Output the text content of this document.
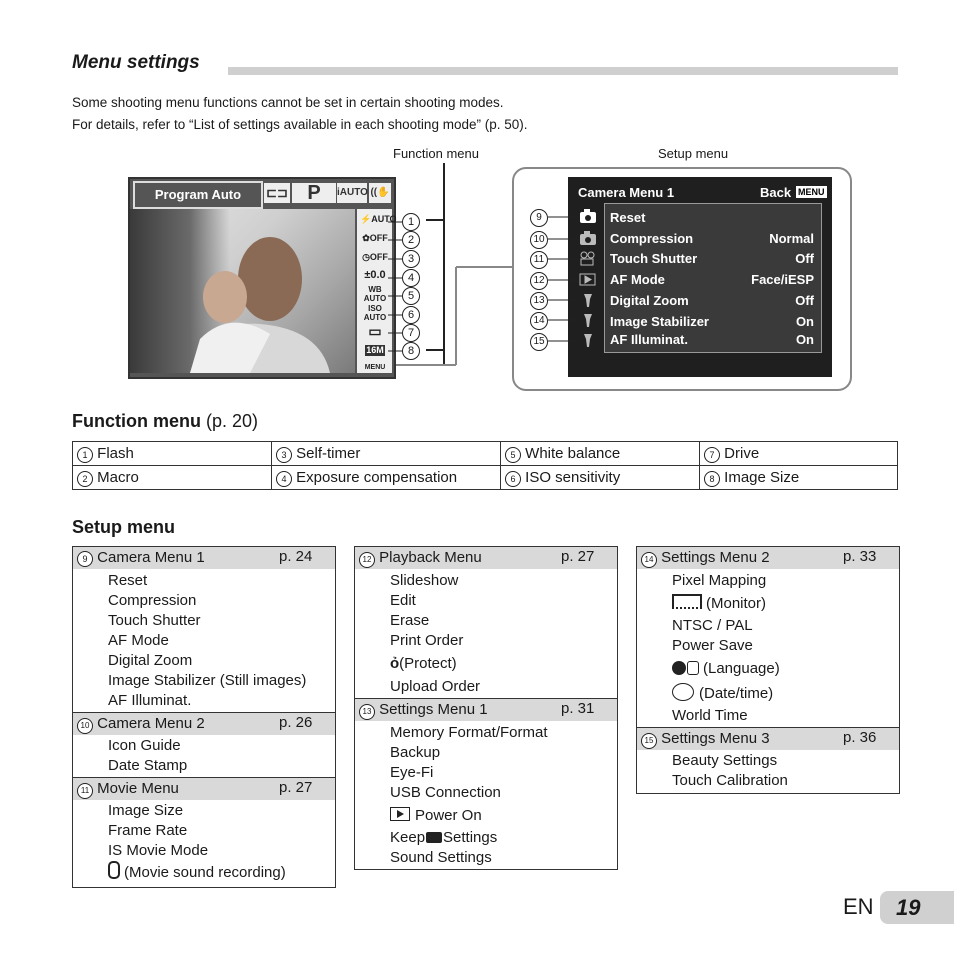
Menu settings
Some shooting menu functions cannot be set in certain shooting modes.
For details, refer to “List of settings available in each shooting mode” (p. 50).
Function menu	Setup menu
Program Auto	⊏⊐ P	iAUTO ((✋
⚡AUTO
✿OFF
◷OFF
±0.0
WB AUTO
ISO AUTO
▭
16M
MENU
1
2
3
4
5
6
7
8
Camera Menu 1	Back MENU
Reset
Compression	Normal
Touch Shutter	Off
AF Mode	Face/iESP
Digital Zoom	Off
Image Stabilizer	On
AF Illuminat.	On
9
10
11
12
13
14
15
Function menu (p. 20)
1 Flash	3 Self-timer	5 White balance	7 Drive
2 Macro	4 Exposure compensation	6 ISO sensitivity	8 Image Size
Setup menu
9 Camera Menu 1	p. 24
Reset
Compression
Touch Shutter
AF Mode
Digital Zoom
Image Stabilizer (Still images)
AF Illuminat.
10 Camera Menu 2	p. 26
Icon Guide
Date Stamp
11 Movie Menu	p. 27
Image Size
Frame Rate
IS Movie Mode
(Movie sound recording)
12 Playback Menu	p. 27
Slideshow
Edit
Erase
Print Order
ỏ(Protect)
Upload Order
13 Settings Menu 1	p. 31
Memory Format/Format
Backup
Eye-Fi
USB Connection
Power On
Keep Settings
Sound Settings
14 Settings Menu 2	p. 33
Pixel Mapping
(Monitor)
NTSC / PAL
Power Save
(Language)
(Date/time)
World Time
15 Settings Menu 3	p. 36
Beauty Settings
Touch Calibration
EN	19
